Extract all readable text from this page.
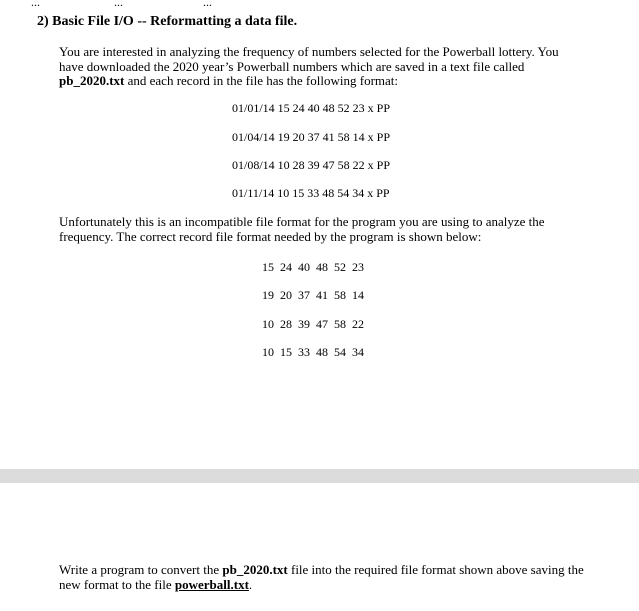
...	...	...
2) Basic File I/O -- Reformatting a data file.

You are interested in analyzing the frequency of numbers selected for the Powerball lottery. You have downloaded the 2020 year’s Powerball numbers which are saved in a text file called pb_2020.txt and each record in the file has the following format:

01/01/14 15 24 40 48 52 23 x PP
01/04/14 19 20 37 41 58 14 x PP
01/08/14 10 28 39 47 58 22 x PP
01/11/14 10 15 33 48 54 34 x PP

Unfortunately this is an incompatible file format for the program you are using to analyze the frequency. The correct record file format needed by the program is shown below:

15 24 40 48 52 23
19 20 37 41 58 14
10 28 39 47 58 22
10 15 33 48 54 34

Write a program to convert the pb_2020.txt file into the required file format shown above saving the new format to the file powerball.txt.
